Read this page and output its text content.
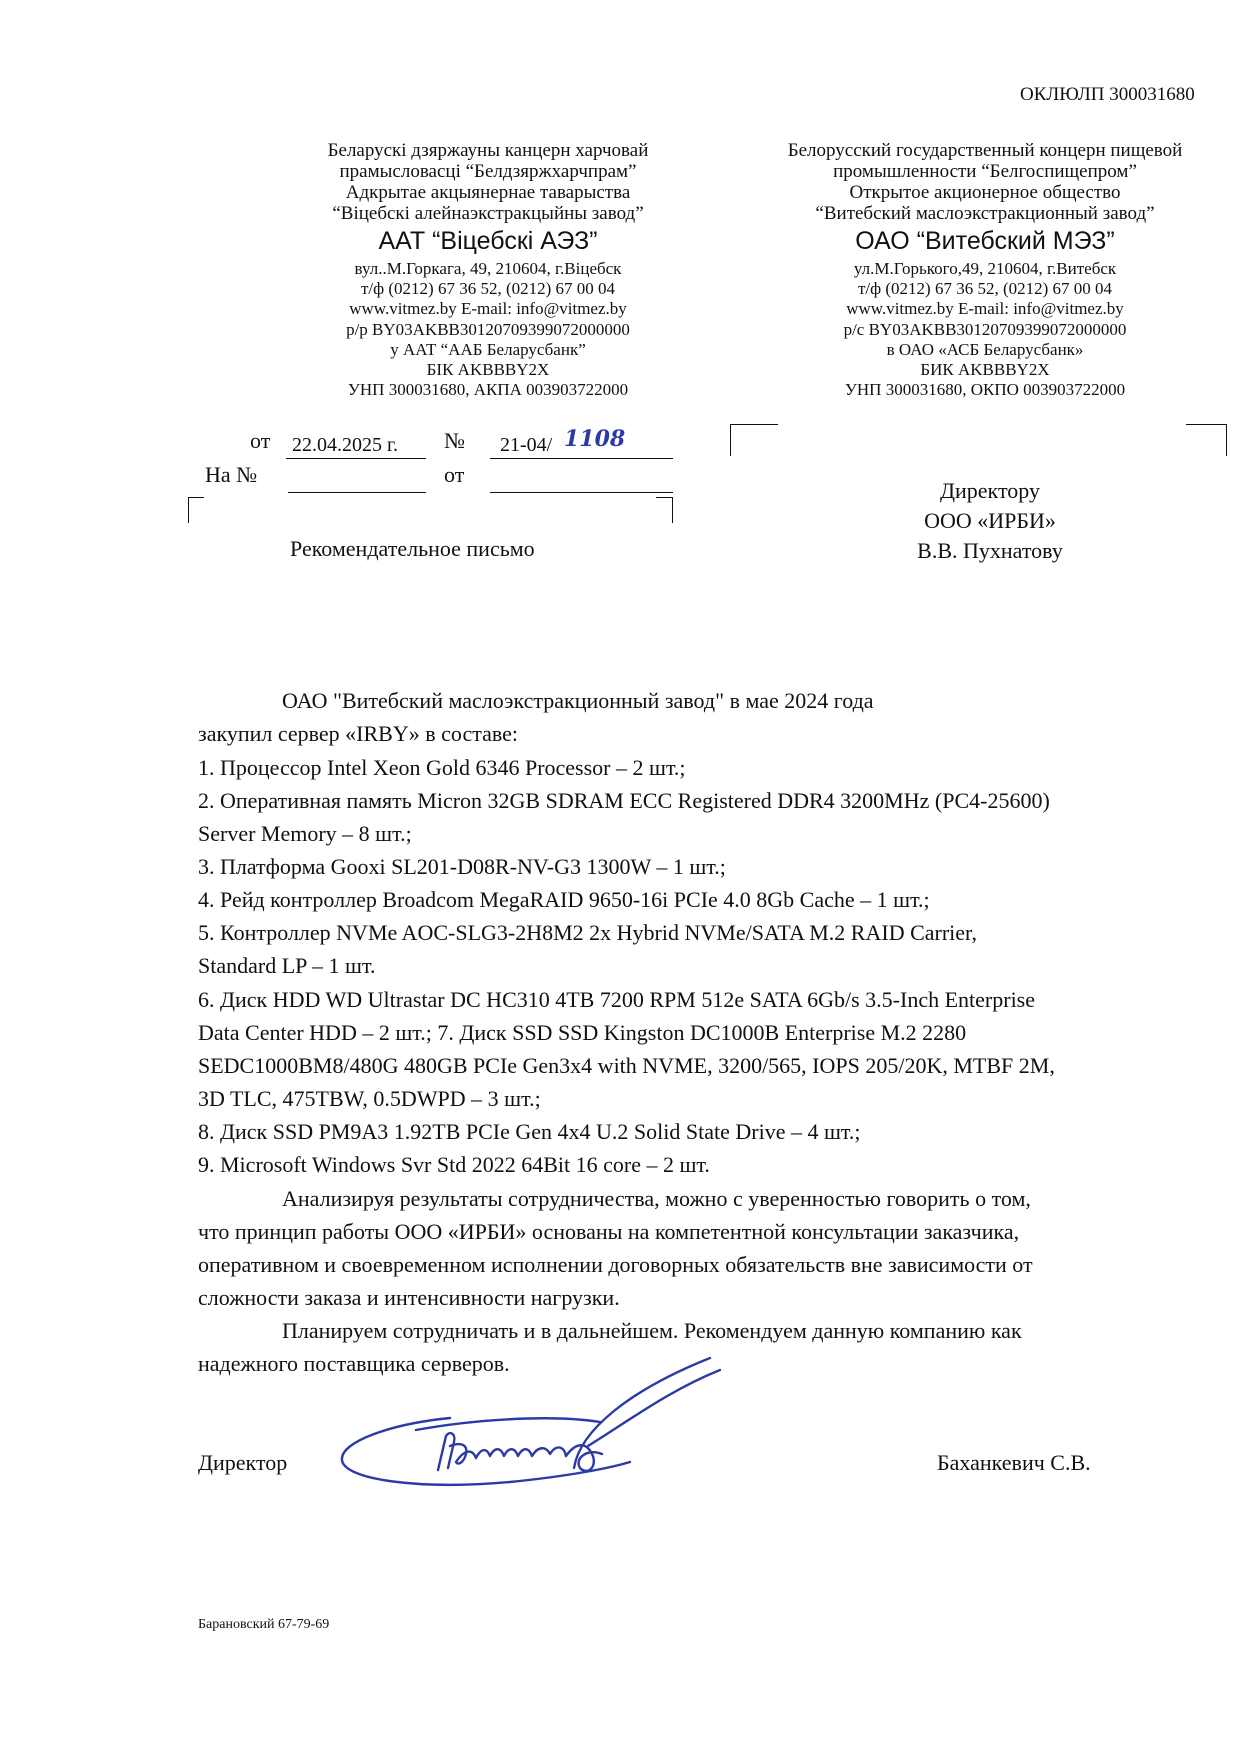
ОКЛЮЛП 300031680
Беларускі дзяржауны канцерн харчовай
прамысловасці “Белдзяржхарчпрам”
Адкрытае акцыянернае таварыства
“Віцебскі алейнаэкстракцыйны завод”
ААТ “Віцебскі АЭЗ”
вул..М.Горкага, 49, 210604, г.Віцебск
т/ф (0212) 67 36 52, (0212) 67 00 04
www.vitmez.by E-mail: info@vitmez.by
р/р BY03AKBB30120709399072000000
у ААТ “ААБ Беларусбанк”
БІК AKBBBY2X
УНП 300031680, АКПА 003903722000
Белорусский государственный концерн пищевой
промышленности “Белгоспищепром”
Открытое акционерное общество
“Витебский маслоэкстракционный завод”
ОАО “Витебский МЭЗ”
ул.М.Горького,49, 210604, г.Витебск
т/ф (0212) 67 36 52, (0212) 67 00 04
www.vitmez.by E-mail: info@vitmez.by
р/с BY03AKBB30120709399072000000
в ОАО «АСБ Беларусбанк»
БИК AKBBBY2X
УНП 300031680, ОКПО 003903722000
от 22.04.2025 г. № 21-04/ 1108
На №	от
Директору
ООО «ИРБИ»
В.В. Пухнатову
Рекомендательное письмо
ОАО "Витебский маслоэкстракционный завод" в мае 2024 года
закупил сервер «IRBY» в составе:
1. Процессор Intel Xeon Gold 6346 Processor – 2 шт.;
2. Оперативная память Micron 32GB SDRAM ECC Registered DDR4 3200MHz (PC4-25600)
Server Memory – 8 шт.;
3. Платформа Gooxi SL201-D08R-NV-G3 1300W – 1 шт.;
4. Рейд контроллер Broadcom MegaRAID 9650-16i PCIe 4.0 8Gb Cache – 1 шт.;
5. Контроллер NVMe AOC-SLG3-2H8M2 2x Hybrid NVMe/SATA M.2 RAID Carrier,
Standard LP – 1 шт.
6. Диск HDD WD Ultrastar DC HC310 4TB 7200 RPM 512e SATA 6Gb/s 3.5-Inch Enterprise
Data Center HDD – 2 шт.; 7. Диск SSD SSD Kingston DC1000B Enterprise M.2 2280
SEDC1000BM8/480G 480GB PCIe Gen3x4 with NVME, 3200/565, IOPS 205/20K, MTBF 2M,
3D TLC, 475TBW, 0.5DWPD – 3 шт.;
8. Диск SSD PM9A3 1.92TB PCIe Gen 4x4 U.2 Solid State Drive – 4 шт.;
9. Microsoft Windows Svr Std 2022 64Bit 16 core – 2 шт.
Анализируя результаты сотрудничества, можно с уверенностью говорить о том,
что принцип работы ООО «ИРБИ» основаны на компетентной консультации заказчика,
оперативном и своевременном исполнении договорных обязательств вне зависимости от
сложности заказа и интенсивности нагрузки.
Планируем сотрудничать и в дальнейшем. Рекомендуем данную компанию как
надежного поставщика серверов.
Директор	Баханкевич С.В.
Барановский 67-79-69
